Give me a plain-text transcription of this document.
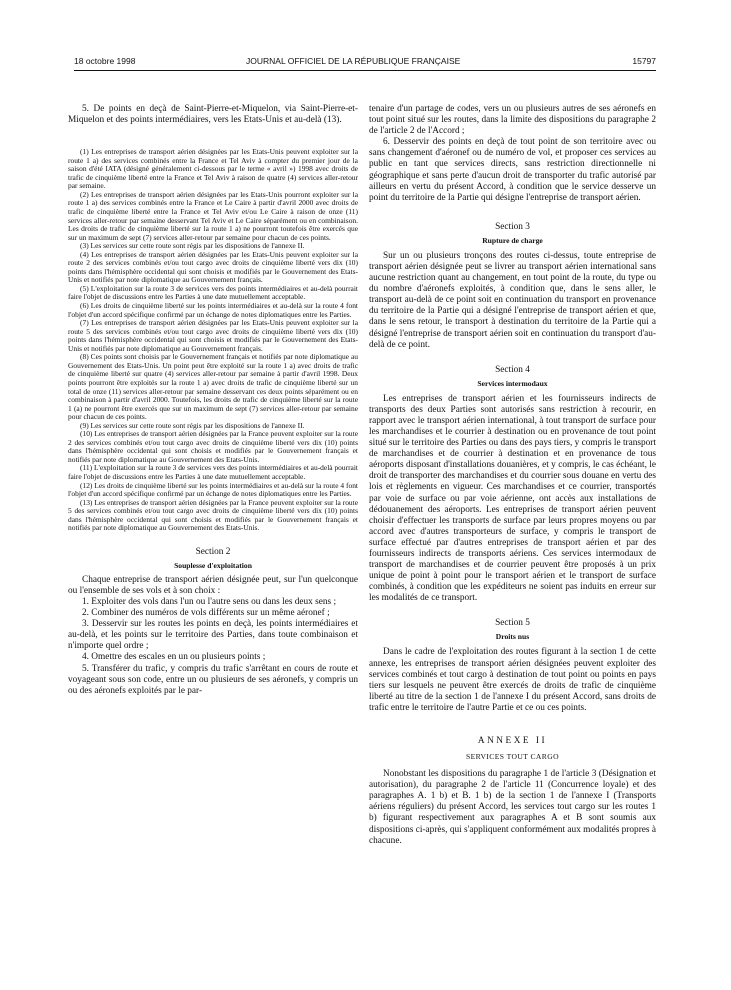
18 octobre 1998	JOURNAL OFFICIEL DE LA RÉPUBLIQUE FRANÇAISE	15797

5. De points en deçà de Saint-Pierre-et-Miquelon, via Saint-Pierre-et-Miquelon et des points intermédiaires, vers les Etats-Unis et au-delà (13).

(1) Les entreprises de transport aérien désignées par les Etats-Unis peuvent exploiter sur la route 1 a) des services combinés entre la France et Tel Aviv à compter du premier jour de la saison d'été IATA (désigné généralement ci-dessous par le terme « avril ») 1998 avec droits de trafic de cinquième liberté entre la France et Tel Aviv à raison de quatre (4) services aller-retour par semaine.

(2) Les entreprises de transport aérien désignées par les Etats-Unis pourront exploiter sur la route 1 a) des services combinés entre la France et Le Caire à partir d'avril 2000 avec droits de trafic de cinquième liberté entre la France et Tel Aviv et/ou Le Caire à raison de onze (11) services aller-retour par semaine desservant Tel Aviv et Le Caire séparément ou en combinaison. Les droits de trafic de cinquième liberté sur la route 1 a) ne pourront toutefois être exercés que sur un maximum de sept (7) services aller-retour par semaine pour chacun de ces points.

(3) Les services sur cette route sont régis par les dispositions de l'annexe II.

(4) Les entreprises de transport aérien désignées par les Etats-Unis peuvent exploiter sur la route 2 des services combinés et/ou tout cargo avec droits de cinquième liberté vers dix (10) points dans l'hémisphère occidental qui sont choisis et modifiés par le Gouvernement des Etats-Unis et notifiés par note diplomatique au Gouvernement français.

(5) L'exploitation sur la route 3 de services vers des points intermédiaires et au-delà pourrait faire l'objet de discussions entre les Parties à une date mutuellement acceptable.

(6) Les droits de cinquième liberté sur les points intermédiaires et au-delà sur la route 4 font l'objet d'un accord spécifique confirmé par un échange de notes diplomatiques entre les Parties.

(7) Les entreprises de transport aérien désignées par les Etats-Unis peuvent exploiter sur la route 5 des services combinés et/ou tout cargo avec droits de cinquième liberté vers dix (10) points dans l'hémisphère occidental qui sont choisis et modifiés par le Gouvernement des Etats-Unis et notifiés par note diplomatique au Gouvernement français.

(8) Ces points sont choisis par le Gouvernement français et notifiés par note diplomatique au Gouvernement des Etats-Unis. Un point peut être exploité sur la route 1 a) avec droits de trafic de cinquième liberté sur quatre (4) services aller-retour par semaine à partir d'avril 1998. Deux points pourront être exploités sur la route 1 a) avec droits de trafic de cinquième liberté sur un total de onze (11) services aller-retour par semaine desservant ces deux points séparément ou en combinaison à partir d'avril 2000. Toutefois, les droits de trafic de cinquième liberté sur la route 1 (a) ne pourront être exercés que sur un maximum de sept (7) services aller-retour par semaine pour chacun de ces points.

(9) Les services sur cette route sont régis par les dispositions de l'annexe II.

(10) Les entreprises de transport aérien désignées par la France peuvent exploiter sur la route 2 des services combinés et/ou tout cargo avec droits de cinquième liberté vers dix (10) points dans l'hémisphère occidental qui sont choisis et modifiés par le Gouvernement français et notifiés par note diplomatique au Gouvernement des Etats-Unis.

(11) L'exploitation sur la route 3 de services vers des points intermédiaires et au-delà pourrait faire l'objet de discussions entre les Parties à une date mutuellement acceptable.

(12) Les droits de cinquième liberté sur les points intermédiaires et au-delà sur la route 4 font l'objet d'un accord spécifique confirmé par un échange de notes diplomatiques entre les Parties.

(13) Les entreprises de transport aérien désignées par la France peuvent exploiter sur la route 5 des services combinés et/ou tout cargo avec droits de cinquième liberté vers dix (10) points dans l'hémisphère occidental qui sont choisis et modifiés par le Gouvernement français et notifiés par note diplomatique au Gouvernement des Etats-Unis.

Section 2

Souplesse d'exploitation

Chaque entreprise de transport aérien désignée peut, sur l'un quelconque ou l'ensemble de ses vols et à son choix :

1. Exploiter des vols dans l'un ou l'autre sens ou dans les deux sens ;

2. Combiner des numéros de vols différents sur un même aéronef ;

3. Desservir sur les routes les points en deçà, les points intermédiaires et au-delà, et les points sur le territoire des Parties, dans toute combinaison et n'importe quel ordre ;

4. Omettre des escales en un ou plusieurs points ;

5. Transférer du trafic, y compris du trafic s'arrêtant en cours de route et voyageant sous son code, entre un ou plusieurs de ses aéronefs, y compris un ou des aéronefs exploités par le par-

tenaire d'un partage de codes, vers un ou plusieurs autres de ses aéronefs en tout point situé sur les routes, dans la limite des dispositions du paragraphe 2 de l'article 2 de l'Accord ;

6. Desservir des points en deçà de tout point de son territoire avec ou sans changement d'aéronef ou de numéro de vol, et proposer ces services au public en tant que services directs, sans restriction directionnelle ni géographique et sans perte d'aucun droit de transporter du trafic autorisé par ailleurs en vertu du présent Accord, à condition que le service desserve un point du territoire de la Partie qui désigne l'entreprise de transport aérien.

Section 3

Rupture de charge

Sur un ou plusieurs tronçons des routes ci-dessus, toute entreprise de transport aérien désignée peut se livrer au transport aérien international sans aucune restriction quant au changement, en tout point de la route, du type ou du nombre d'aéronefs exploités, à condition que, dans le sens aller, le transport au-delà de ce point soit en continuation du transport en provenance du territoire de la Partie qui a désigné l'entreprise de transport aérien et que, dans le sens retour, le transport à destination du territoire de la Partie qui a désigné l'entreprise de transport aérien soit en continuation du transport d'au-delà de ce point.

Section 4

Services intermodaux

Les entreprises de transport aérien et les fournisseurs indirects de transports des deux Parties sont autorisés sans restriction à recourir, en rapport avec le transport aérien international, à tout transport de surface pour les marchandises et le courrier à destination ou en provenance de tout point situé sur le territoire des Parties ou dans des pays tiers, y compris le transport de marchandises et de courrier à destination et en provenance de tous aéroports disposant d'installations douanières, et y compris, le cas échéant, le droit de transporter des marchandises et du courrier sous douane en vertu des lois et règlements en vigueur. Ces marchandises et ce courrier, transportés par voie de surface ou par voie aérienne, ont accès aux installations de dédouanement des aéroports. Les entreprises de transport aérien peuvent choisir d'effectuer les transports de surface par leurs propres moyens ou par accord avec d'autres transporteurs de surface, y compris le transport de surface effectué par d'autres entreprises de transport aérien et par des fournisseurs indirects de transports aériens. Ces services intermodaux de transport de marchandises et de courrier peuvent être proposés à un prix unique de point à point pour le transport aérien et le transport de surface combinés, à condition que les expéditeurs ne soient pas induits en erreur sur les modalités de ce transport.

Section 5

Droits nus

Dans le cadre de l'exploitation des routes figurant à la section 1 de cette annexe, les entreprises de transport aérien désignées peuvent exploiter des services combinés et tout cargo à destination de tout point ou points en pays tiers sur lesquels ne peuvent être exercés de droits de trafic de cinquième liberté au titre de la section 1 de l'annexe I du présent Accord, sans droits de trafic entre le territoire de l'autre Partie et ce ou ces points.

ANNEXE II

SERVICES TOUT CARGO

Nonobstant les dispositions du paragraphe 1 de l'article 3 (Désignation et autorisation), du paragraphe 2 de l'article 11 (Concurrence loyale) et des paragraphes A. 1 b) et B. 1 b) de la section 1 de l'annexe I (Transports aériens réguliers) du présent Accord, les services tout cargo sur les routes 1 b) figurant respectivement aux paragraphes A et B sont soumis aux dispositions ci-après, qui s'appliquent conformément aux modalités propres à chacune.
